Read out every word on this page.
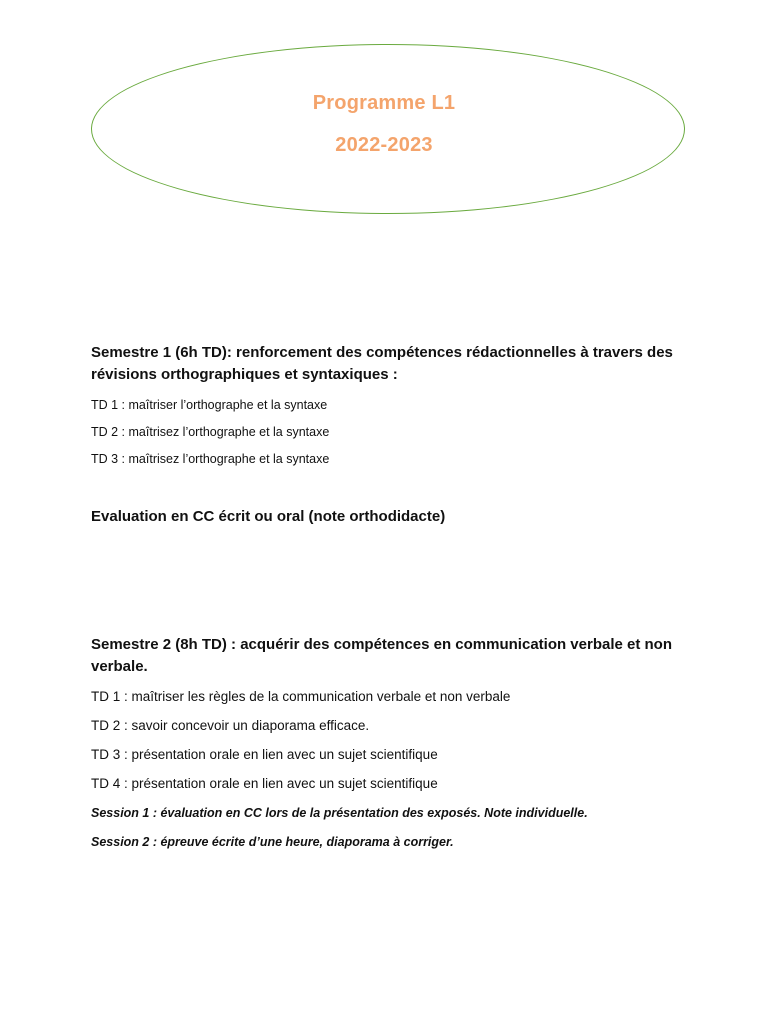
Programme L1
2022-2023
Semestre 1 (6h TD): renforcement des compétences rédactionnelles à travers des révisions orthographiques et syntaxiques :
TD 1 : maîtriser l’orthographe et la syntaxe
TD 2 : maîtrisez l’orthographe et la syntaxe
TD 3 : maîtrisez l’orthographe et la syntaxe
Evaluation en CC écrit ou oral (note orthodidacte)
Semestre 2 (8h TD) : acquérir des compétences en communication verbale et non verbale.
TD 1 : maîtriser les règles de la communication verbale et non verbale
TD 2 : savoir concevoir un diaporama efficace.
TD 3 : présentation orale en lien avec un sujet scientifique
TD 4 : présentation orale en lien avec un sujet scientifique
Session 1 : évaluation en CC lors de la présentation des exposés. Note individuelle.
Session 2 : épreuve écrite d’une heure, diaporama à corriger.
